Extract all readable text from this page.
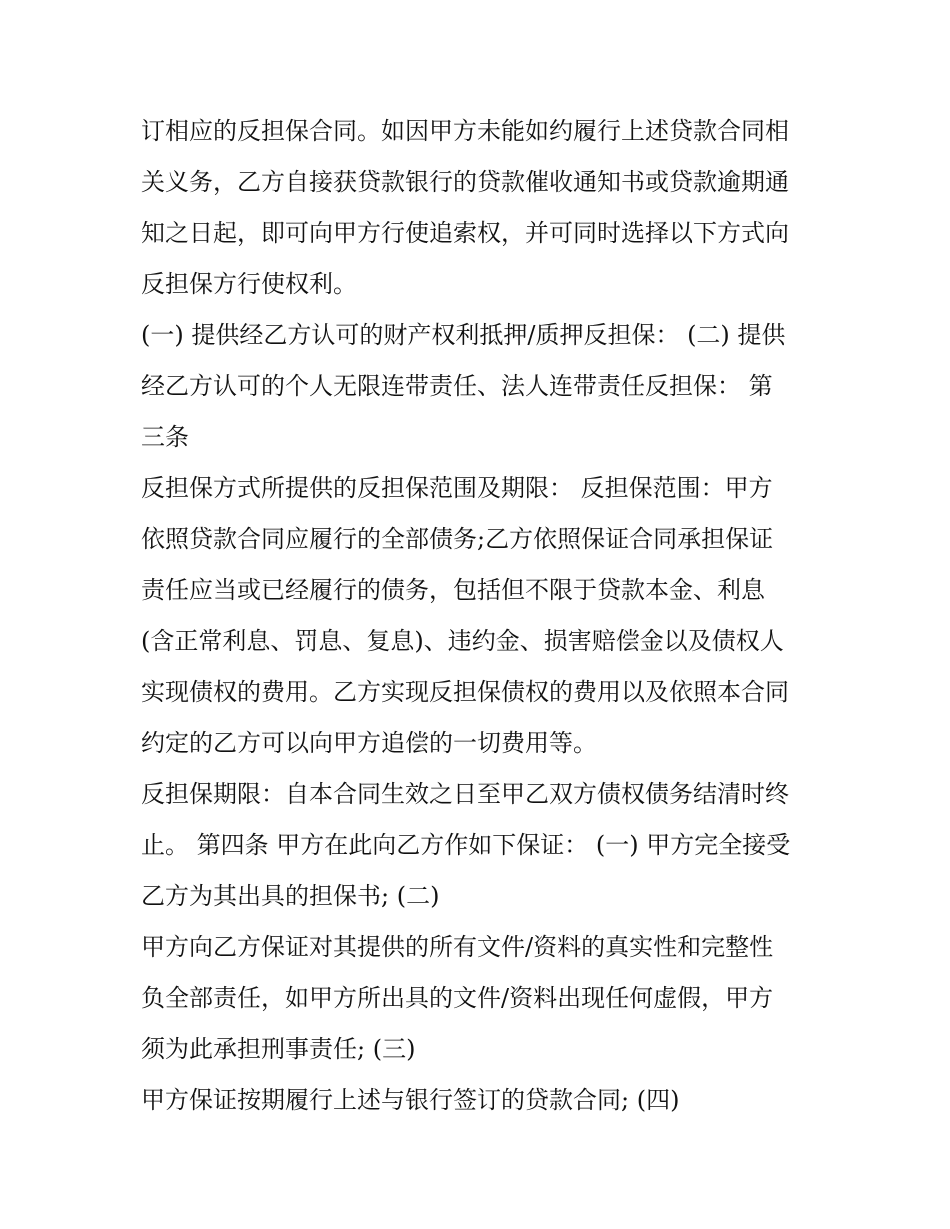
订相应的反担保合同。如因甲方未能如约履行上述贷款合同相
关义务，乙方自接获贷款银行的贷款催收通知书或贷款逾期通
知之日起，即可向甲方行使追索权，并可同时选择以下方式向
反担保方行使权利。
(一) 提供经乙方认可的财产权利抵押/质押反担保： (二) 提供
经乙方认可的个人无限连带责任、法人连带责任反担保： 第
三条
反担保方式所提供的反担保范围及期限： 反担保范围：甲方
依照贷款合同应履行的全部债务;乙方依照保证合同承担保证
责任应当或已经履行的债务，包括但不限于贷款本金、利息
(含正常利息、罚息、复息)、违约金、损害赔偿金以及债权人
实现债权的费用。乙方实现反担保债权的费用以及依照本合同
约定的乙方可以向甲方追偿的一切费用等。
反担保期限：自本合同生效之日至甲乙双方债权债务结清时终
止。 第四条 甲方在此向乙方作如下保证： (一) 甲方完全接受
乙方为其出具的担保书; (二)
甲方向乙方保证对其提供的所有文件/资料的真实性和完整性
负全部责任，如甲方所出具的文件/资料出现任何虚假，甲方
须为此承担刑事责任; (三)
甲方保证按期履行上述与银行签订的贷款合同; (四)
